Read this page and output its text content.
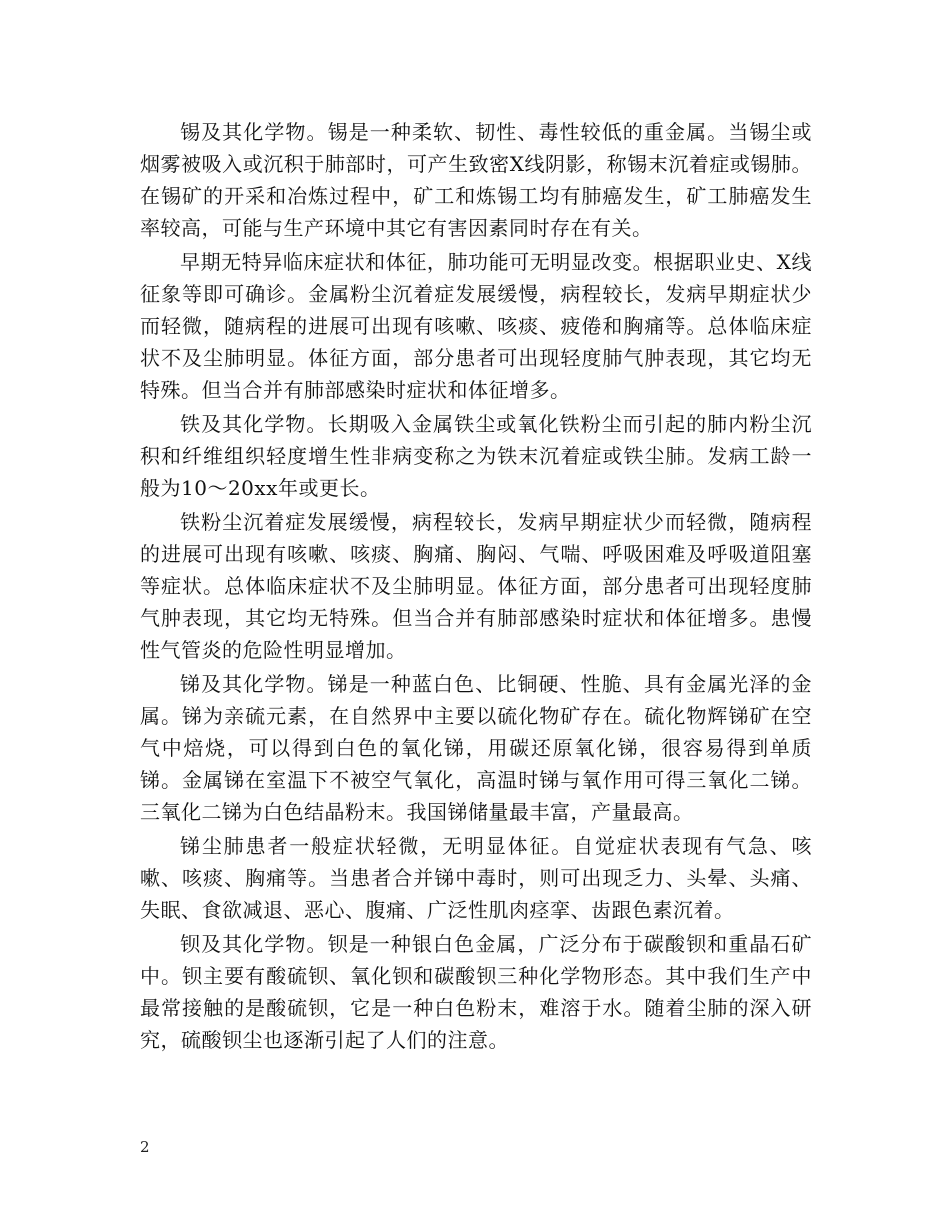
锡及其化学物。锡是一种柔软、韧性、毒性较低的重金属。当锡尘或烟雾被吸入或沉积于肺部时，可产生致密X线阴影，称锡末沉着症或锡肺。在锡矿的开采和冶炼过程中，矿工和炼锡工均有肺癌发生，矿工肺癌发生率较高，可能与生产环境中其它有害因素同时存在有关。

早期无特异临床症状和体征，肺功能可无明显改变。根据职业史、X线征象等即可确诊。金属粉尘沉着症发展缓慢，病程较长，发病早期症状少而轻微，随病程的进展可出现有咳嗽、咳痰、疲倦和胸痛等。总体临床症状不及尘肺明显。体征方面，部分患者可出现轻度肺气肿表现，其它均无特殊。但当合并有肺部感染时症状和体征增多。

铁及其化学物。长期吸入金属铁尘或氧化铁粉尘而引起的肺内粉尘沉积和纤维组织轻度增生性非病变称之为铁末沉着症或铁尘肺。发病工龄一般为10～20xx年或更长。

铁粉尘沉着症发展缓慢，病程较长，发病早期症状少而轻微，随病程的进展可出现有咳嗽、咳痰、胸痛、胸闷、气喘、呼吸困难及呼吸道阻塞等症状。总体临床症状不及尘肺明显。体征方面，部分患者可出现轻度肺气肿表现，其它均无特殊。但当合并有肺部感染时症状和体征增多。患慢性气管炎的危险性明显增加。

锑及其化学物。锑是一种蓝白色、比铜硬、性脆、具有金属光泽的金属。锑为亲硫元素，在自然界中主要以硫化物矿存在。硫化物辉锑矿在空气中焙烧，可以得到白色的氧化锑，用碳还原氧化锑，很容易得到单质锑。金属锑在室温下不被空气氧化，高温时锑与氧作用可得三氧化二锑。三氧化二锑为白色结晶粉末。我国锑储量最丰富，产量最高。

锑尘肺患者一般症状轻微，无明显体征。自觉症状表现有气急、咳嗽、咳痰、胸痛等。当患者合并锑中毒时，则可出现乏力、头晕、头痛、失眠、食欲减退、恶心、腹痛、广泛性肌肉痉挛、齿跟色素沉着。

钡及其化学物。钡是一种银白色金属，广泛分布于碳酸钡和重晶石矿中。钡主要有酸硫钡、氧化钡和碳酸钡三种化学物形态。其中我们生产中最常接触的是酸硫钡，它是一种白色粉末，难溶于水。随着尘肺的深入研究，硫酸钡尘也逐渐引起了人们的注意。

2
